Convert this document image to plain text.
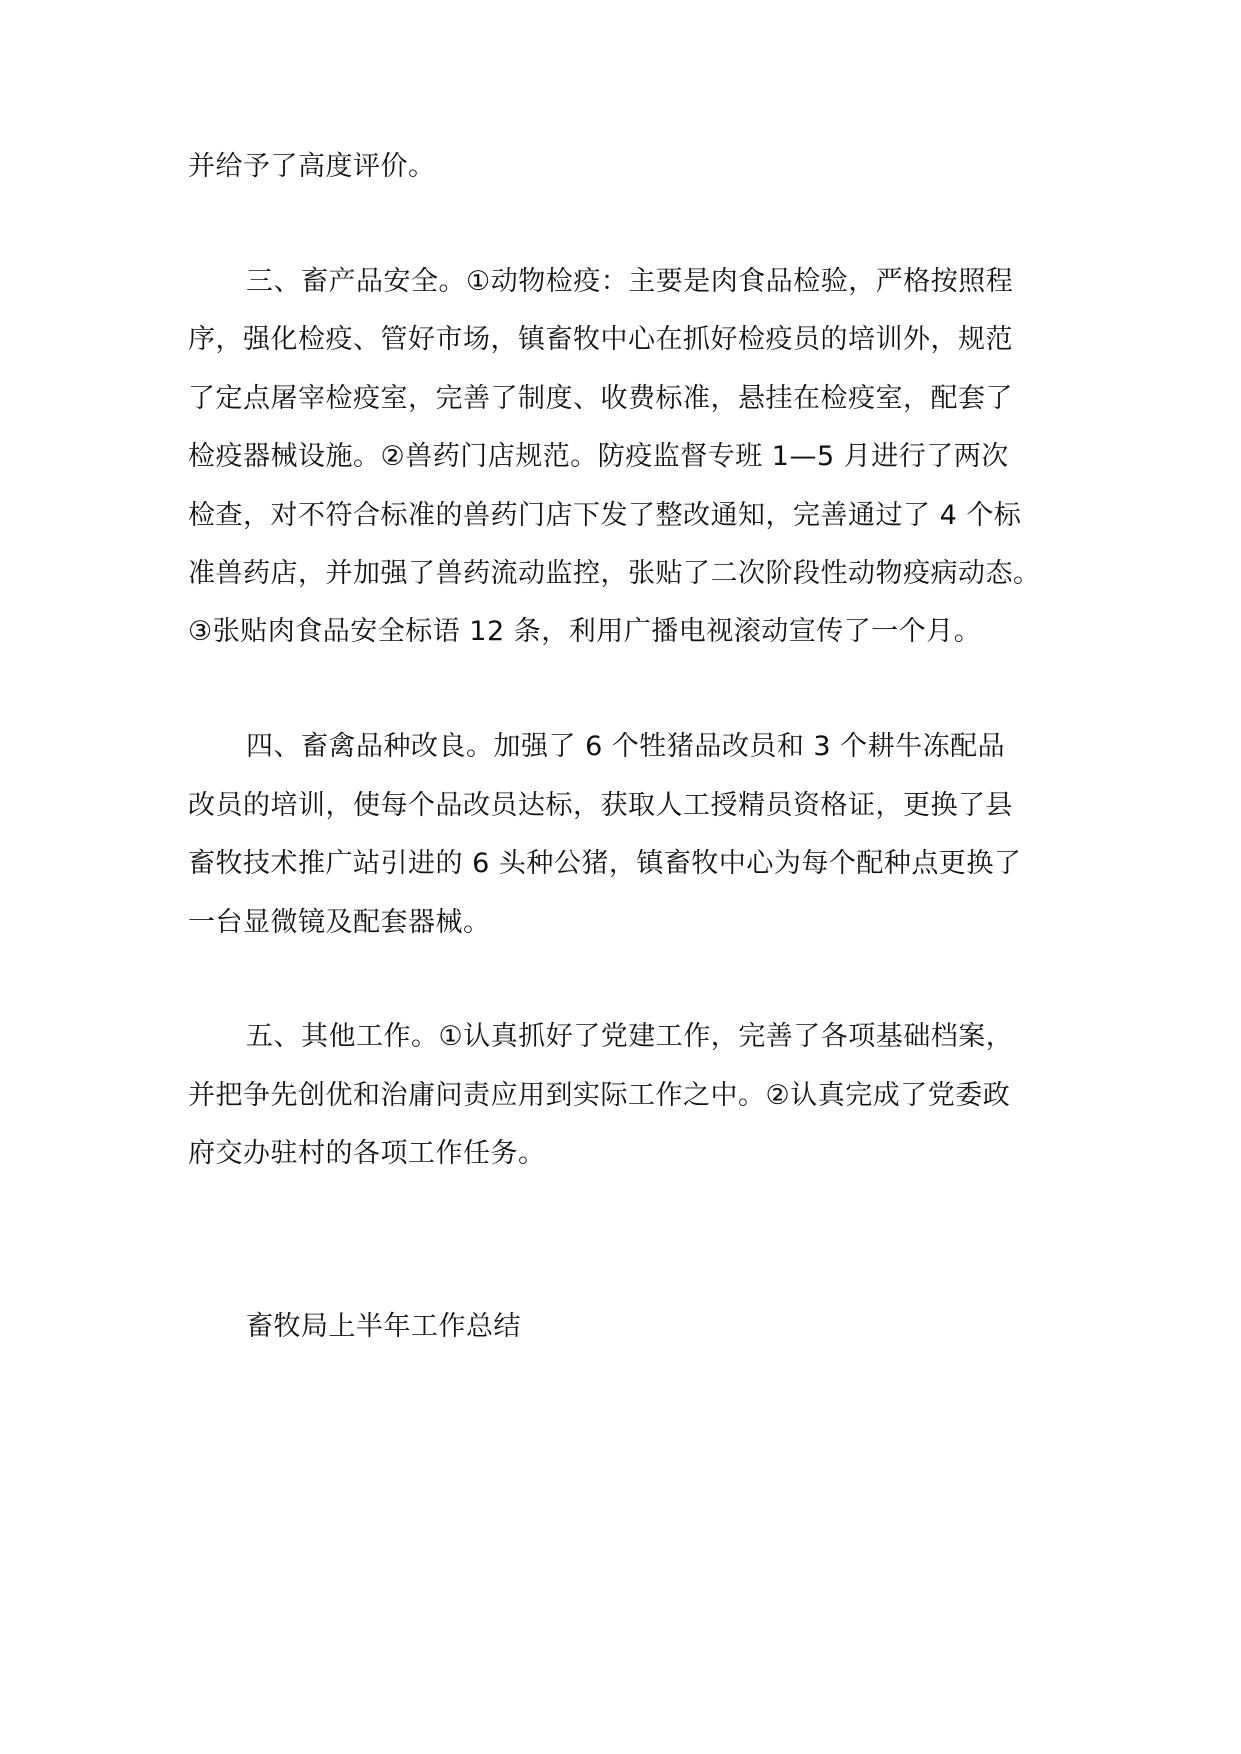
并给予了高度评价。
三、畜产品安全。①动物检疫：主要是肉食品检验，严格按照程
序，强化检疫、管好市场，镇畜牧中心在抓好检疫员的培训外，规范
了定点屠宰检疫室，完善了制度、收费标准，悬挂在检疫室，配套了
检疫器械设施。②兽药门店规范。防疫监督专班 1—5 月进行了两次
检查，对不符合标准的兽药门店下发了整改通知，完善通过了 4 个标
准兽药店，并加强了兽药流动监控，张贴了二次阶段性动物疫病动态。
③张贴肉食品安全标语 12 条，利用广播电视滚动宣传了一个月。
四、畜禽品种改良。加强了 6 个牲猪品改员和 3 个耕牛冻配品
改员的培训，使每个品改员达标，获取人工授精员资格证，更换了县
畜牧技术推广站引进的 6 头种公猪，镇畜牧中心为每个配种点更换了
一台显微镜及配套器械。
五、其他工作。①认真抓好了党建工作，完善了各项基础档案，
并把争先创优和治庸问责应用到实际工作之中。②认真完成了党委政
府交办驻村的各项工作任务。
畜牧局上半年工作总结
